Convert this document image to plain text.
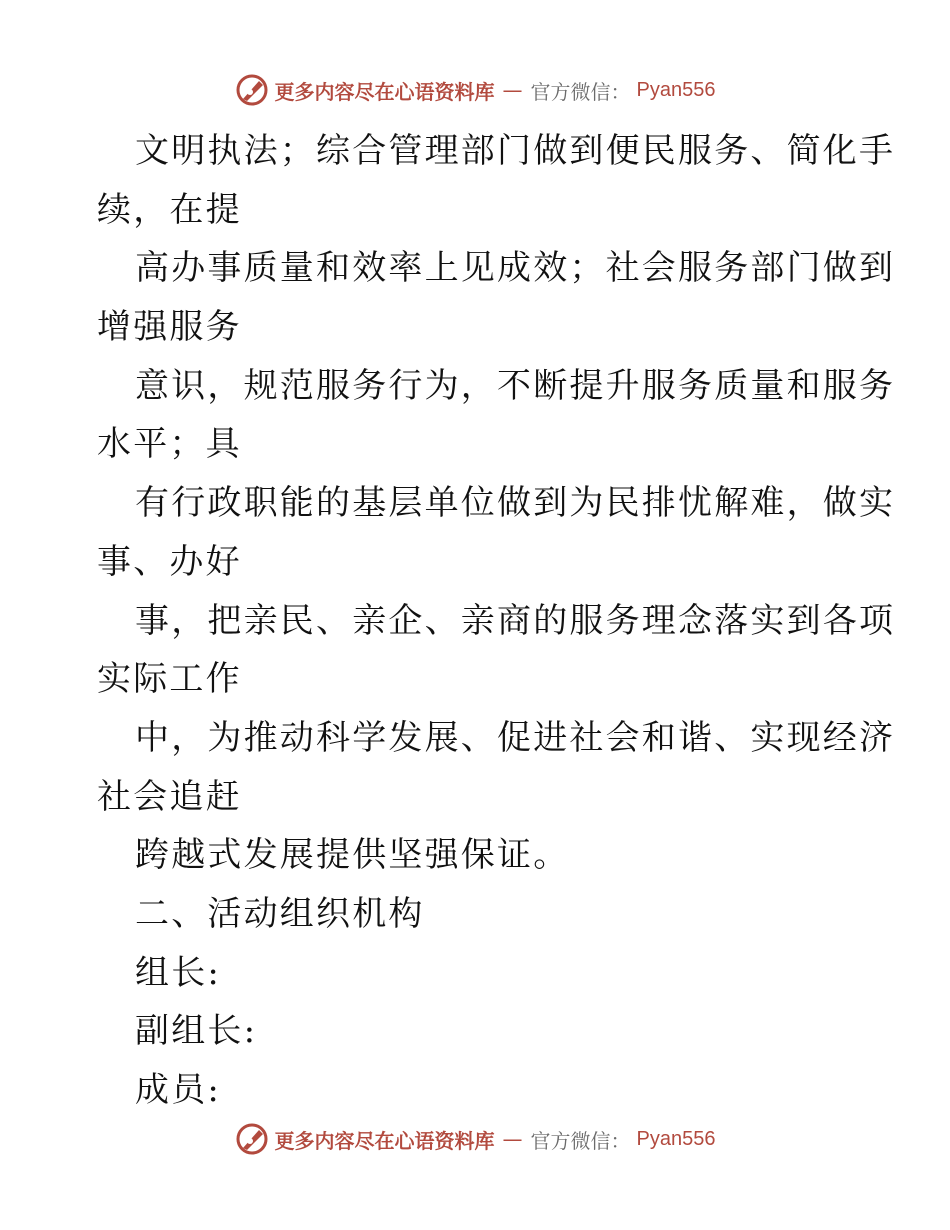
更多内容尽在心语资料库 — 官方微信： Pyan556
文明执法；综合管理部门做到便民服务、简化手
续，在提
高办事质量和效率上见成效；社会服务部门做到
增强服务
意识，规范服务行为，不断提升服务质量和服务
水平；具
有行政职能的基层单位做到为民排忧解难，做实
事、办好
事，把亲民、亲企、亲商的服务理念落实到各项
实际工作
中，为推动科学发展、促进社会和谐、实现经济
社会追赶
跨越式发展提供坚强保证。
二、活动组织机构
组长:
副组长:
成员:
更多内容尽在心语资料库 — 官方微信： Pyan556
